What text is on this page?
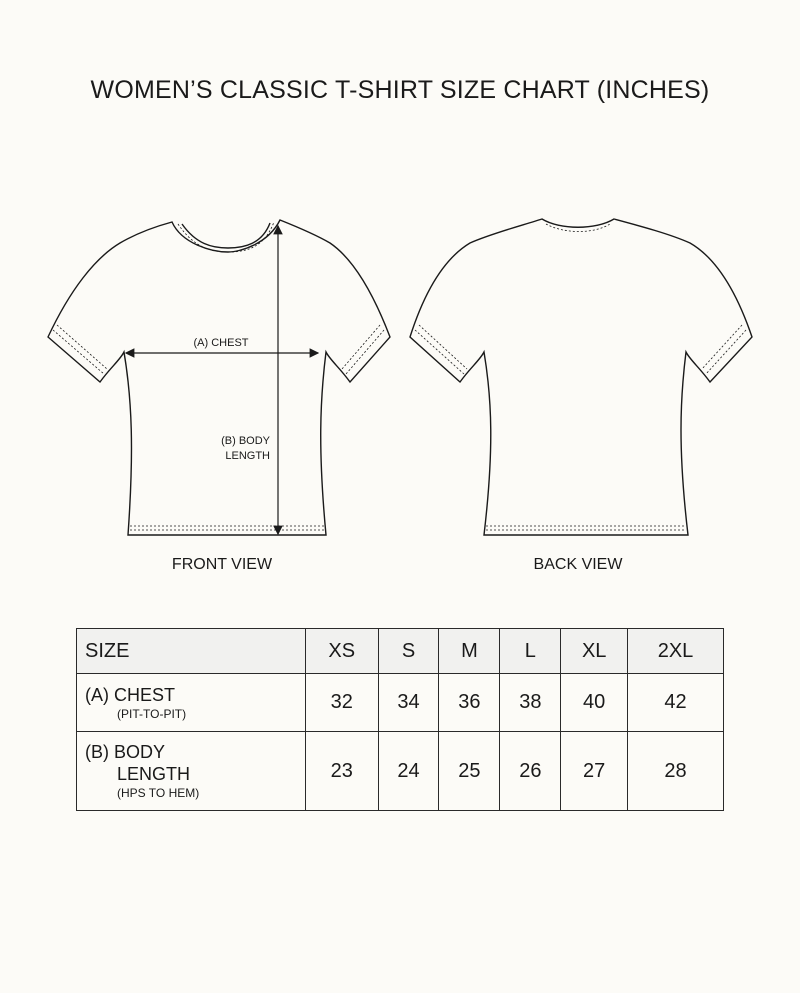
WOMEN’S CLASSIC T-SHIRT SIZE CHART (INCHES)
(A) CHEST
(B) BODY
LENGTH
FRONT VIEW	BACK VIEW
SIZE	XS	S	M	L	XL	2XL

(A) CHEST
(PIT-TO-PIT)	32	34	36	38	40	42

(B) BODY
LENGTH
(HPS TO HEM)	23	24	25	26	27	28
